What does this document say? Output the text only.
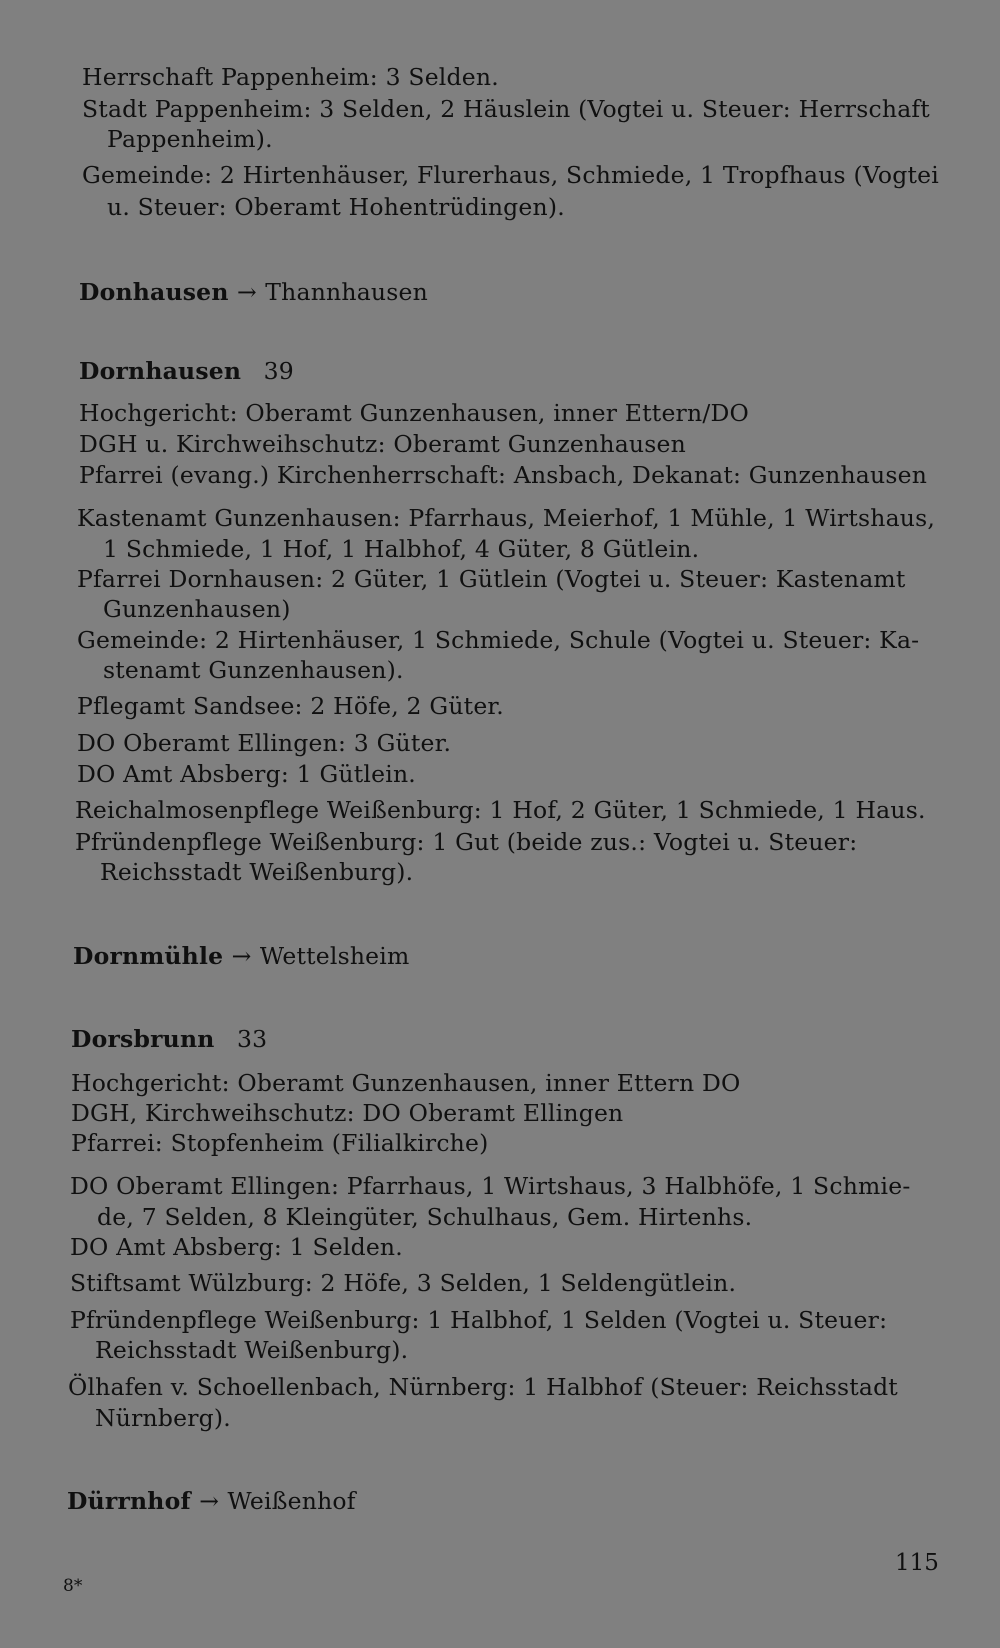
Herrschaft Pappenheim: 3 Selden.
Stadt Pappenheim: 3 Selden, 2 Häuslein (Vogtei u. Steuer: Herrschaft
Pappenheim).
Gemeinde: 2 Hirtenhäuser, Flurerhaus, Schmiede, 1 Tropfhaus (Vogtei
u. Steuer: Oberamt Hohentrüdingen).
Donhausen → Thannhausen
Dornhausen 39
Hochgericht: Oberamt Gunzenhausen, inner Ettern/DO
DGH u. Kirchweihschutz: Oberamt Gunzenhausen
Pfarrei (evang.) Kirchenherrschaft: Ansbach, Dekanat: Gunzenhausen
Kastenamt Gunzenhausen: Pfarrhaus, Meierhof, 1 Mühle, 1 Wirtshaus,
1 Schmiede, 1 Hof, 1 Halbhof, 4 Güter, 8 Gütlein.
Pfarrei Dornhausen: 2 Güter, 1 Gütlein (Vogtei u. Steuer: Kastenamt
Gunzenhausen)
Gemeinde: 2 Hirtenhäuser, 1 Schmiede, Schule (Vogtei u. Steuer: Ka-
stenamt Gunzenhausen).
Pflegamt Sandsee: 2 Höfe, 2 Güter.
DO Oberamt Ellingen: 3 Güter.
DO Amt Absberg: 1 Gütlein.
Reichalmosenpflege Weißenburg: 1 Hof, 2 Güter, 1 Schmiede, 1 Haus.
Pfründenpflege Weißenburg: 1 Gut (beide zus.: Vogtei u. Steuer:
Reichsstadt Weißenburg).
Dornmühle → Wettelsheim
Dorsbrunn 33
Hochgericht: Oberamt Gunzenhausen, inner Ettern DO
DGH, Kirchweihschutz: DO Oberamt Ellingen
Pfarrei: Stopfenheim (Filialkirche)
DO Oberamt Ellingen: Pfarrhaus, 1 Wirtshaus, 3 Halbhöfe, 1 Schmie-
de, 7 Selden, 8 Kleingüter, Schulhaus, Gem. Hirtenhs.
DO Amt Absberg: 1 Selden.
Stiftsamt Wülzburg: 2 Höfe, 3 Selden, 1 Seldengütlein.
Pfründenpflege Weißenburg: 1 Halbhof, 1 Selden (Vogtei u. Steuer:
Reichsstadt Weißenburg).
Ölhafen v. Schoellenbach, Nürnberg: 1 Halbhof (Steuer: Reichsstadt
Nürnberg).
Dürrnhof → Weißenhof
115
8*
